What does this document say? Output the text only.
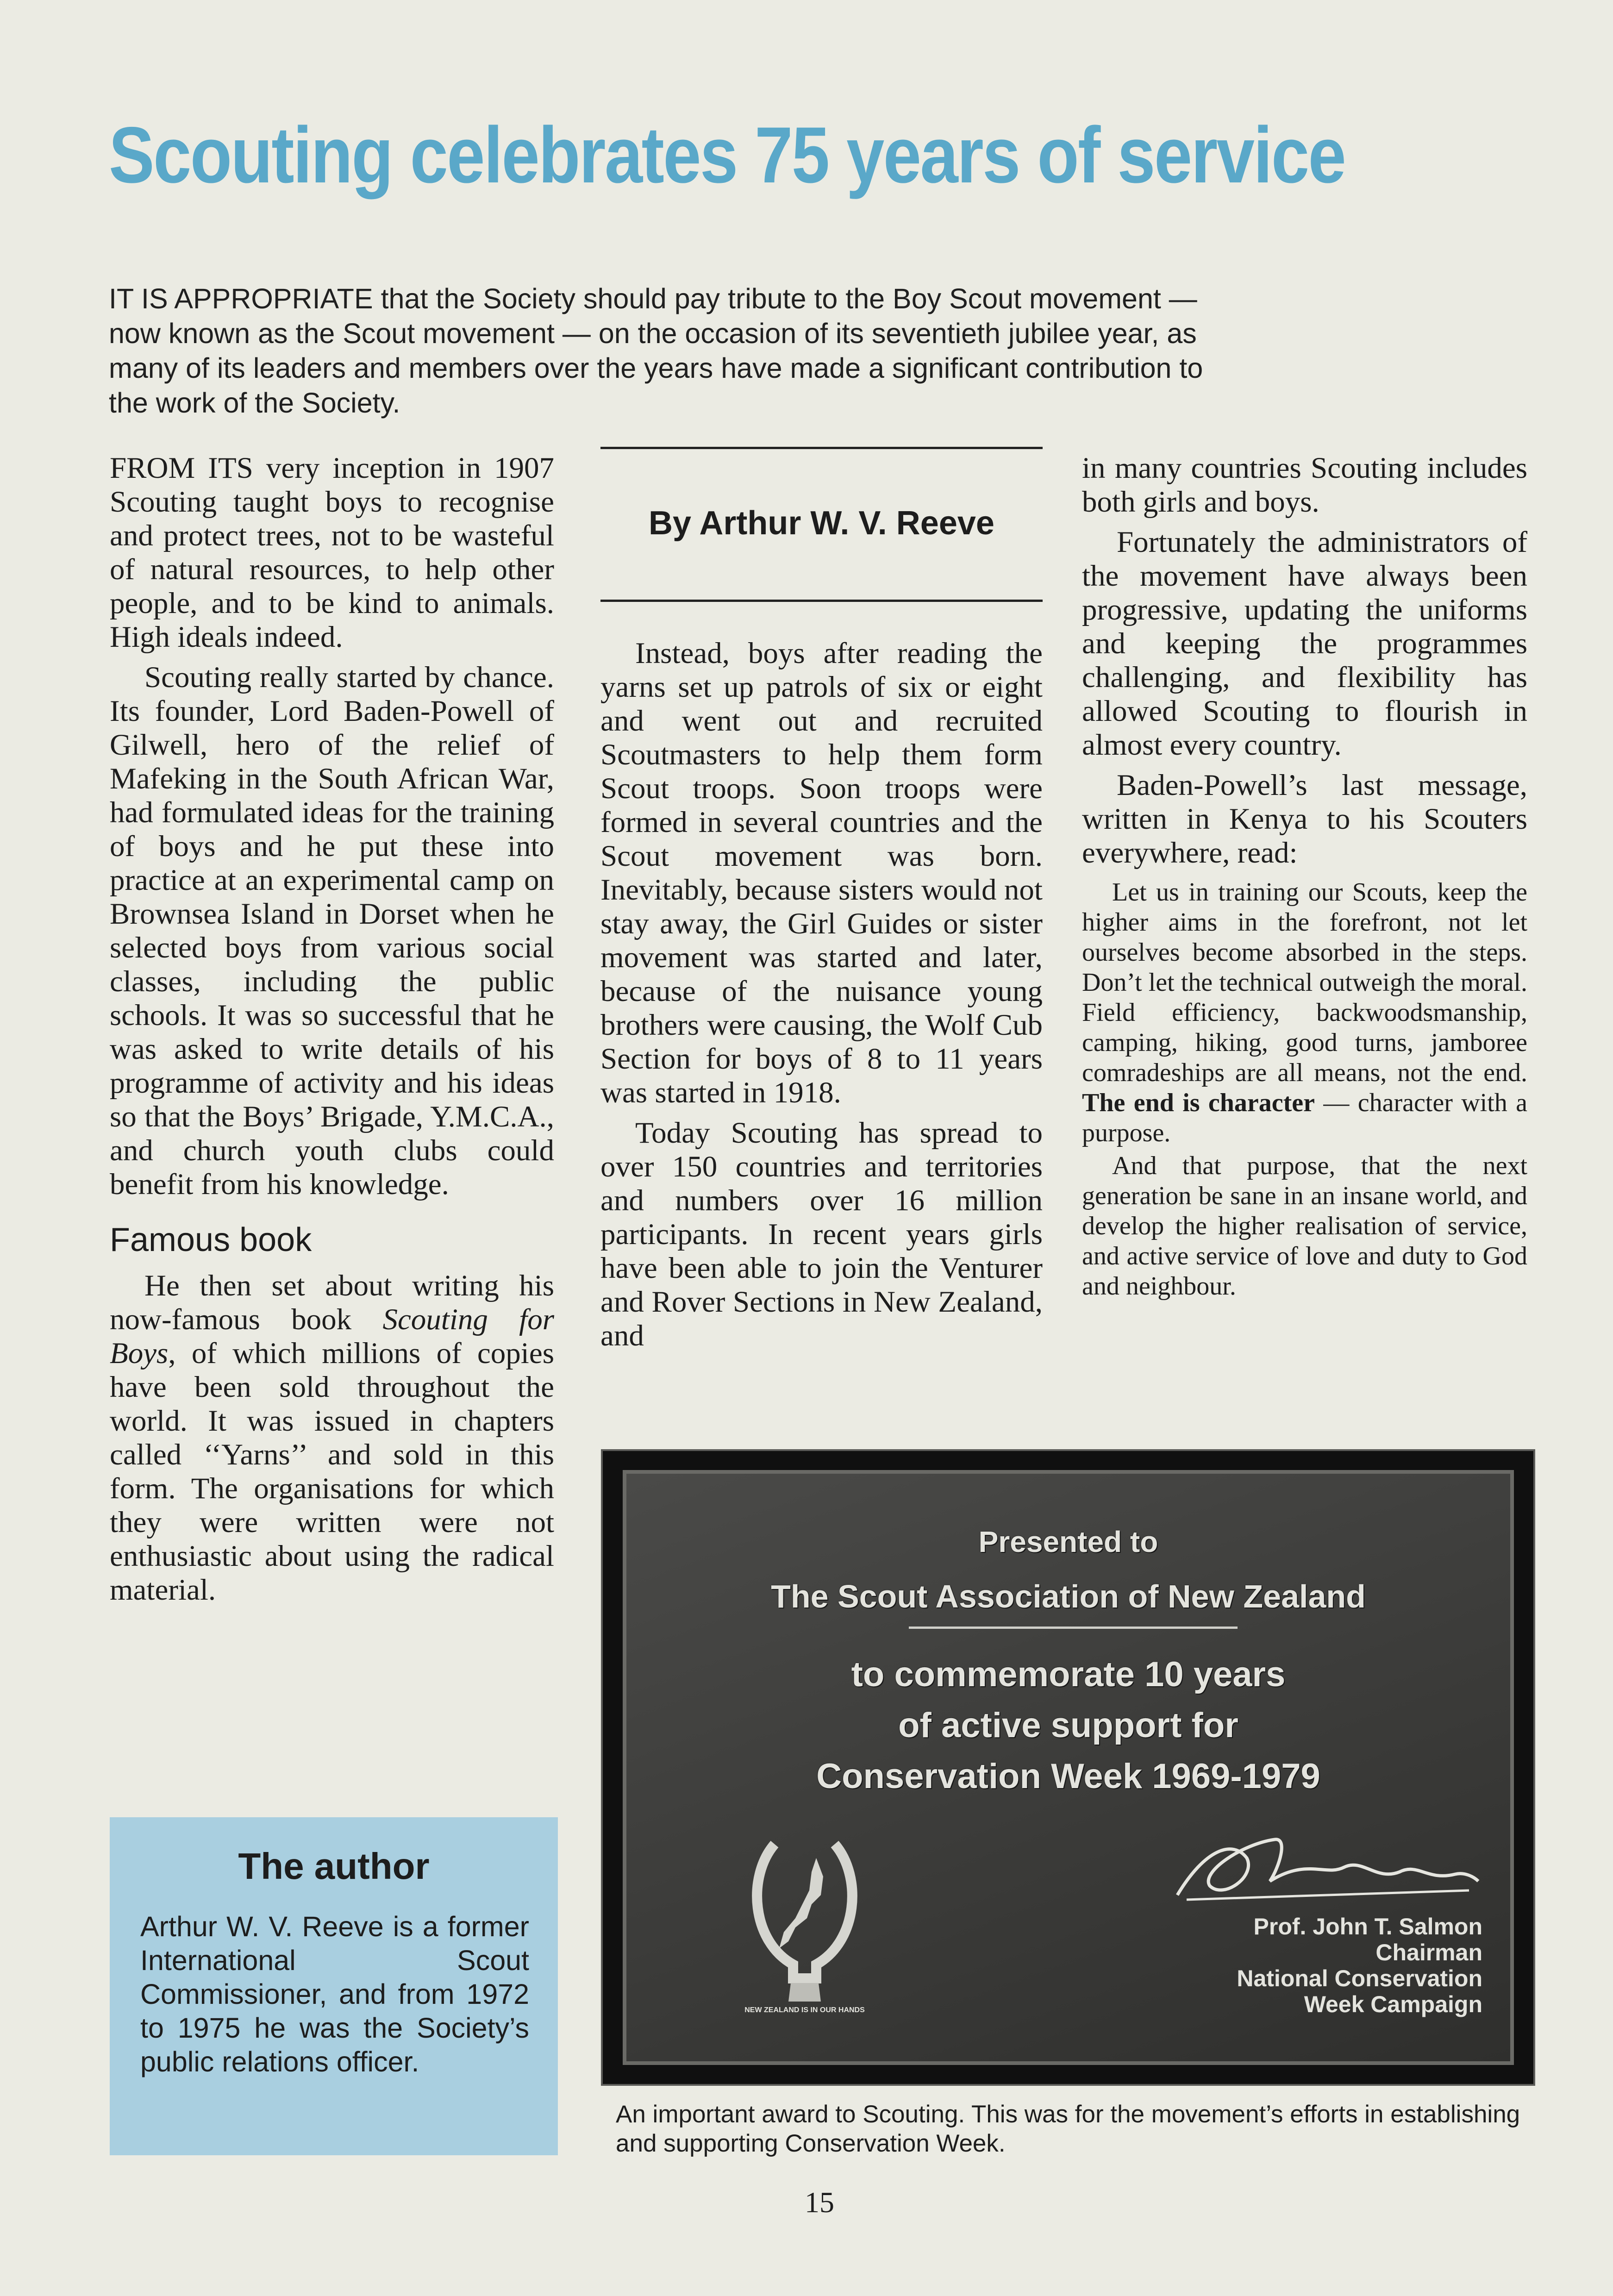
Scouting celebrates 75 years of service
IT IS APPROPRIATE that the Society should pay tribute to the Boy Scout movement — now known as the Scout movement — on the occasion of its seventieth jubilee year, as many of its leaders and members over the years have made a significant contribution to the work of the Society.

FROM ITS very inception in 1907 Scouting taught boys to recognise and protect trees, not to be wasteful of natural resources, to help other people, and to be kind to animals. High ideals indeed.

Scouting really started by chance. Its founder, Lord Baden-Powell of Gilwell, hero of the relief of Mafeking in the South African War, had formulated ideas for the training of boys and he put these into practice at an experimental camp on Brownsea Island in Dorset when he selected boys from various social classes, including the public schools. It was so successful that he was asked to write details of his programme of activity and his ideas so that the Boys’ Brigade, Y.M.C.A., and church youth clubs could benefit from his knowledge.

Famous book

He then set about writing his now-famous book Scouting for Boys, of which millions of copies have been sold throughout the world. It was issued in chapters called ‘‘Yarns’’ and sold in this form. The organisations for which they were written were not enthusiastic about using the radical material.

By Arthur W. V. Reeve

Instead, boys after reading the yarns set up patrols of six or eight and went out and recruited Scoutmasters to help them form Scout troops. Soon troops were formed in several countries and the Scout movement was born. Inevitably, because sisters would not stay away, the Girl Guides or sister movement was started and later, because of the nuisance young brothers were causing, the Wolf Cub Section for boys of 8 to 11 years was started in 1918.

Today Scouting has spread to over 150 countries and territories and numbers over 16 million participants. In recent years girls have been able to join the Venturer and Rover Sections in New Zealand, and

in many countries Scouting includes both girls and boys.

Fortunately the administrators of the movement have always been progressive, updating the uniforms and keeping the programmes challenging, and flexibility has allowed Scouting to flourish in almost every country.

Baden-Powell’s last message, written in Kenya to his Scouters everywhere, read:

Let us in training our Scouts, keep the higher aims in the forefront, not let ourselves become absorbed in the steps. Don’t let the technical outweigh the moral. Field efficiency, backwoodsmanship, camping, hiking, good turns, jamboree comradeships are all means, not the end. The end is character — character with a purpose.

And that purpose, that the next generation be sane in an insane world, and develop the higher realisation of service, and active service of love and duty to God and neighbour.

The author
Arthur W. V. Reeve is a former International Scout Commissioner, and from 1972 to 1975 he was the Society’s public relations officer.
Presented to
The Scout Association of New Zealand
to commemorate 10 years
of active support for
Conservation Week 1969-1979
NEW ZEALAND IS IN OUR HANDS
Prof. John T. Salmon
Chairman
National Conservation
Week Campaign
An important award to Scouting. This was for the movement’s efforts in establishing and supporting Conservation Week.
15
